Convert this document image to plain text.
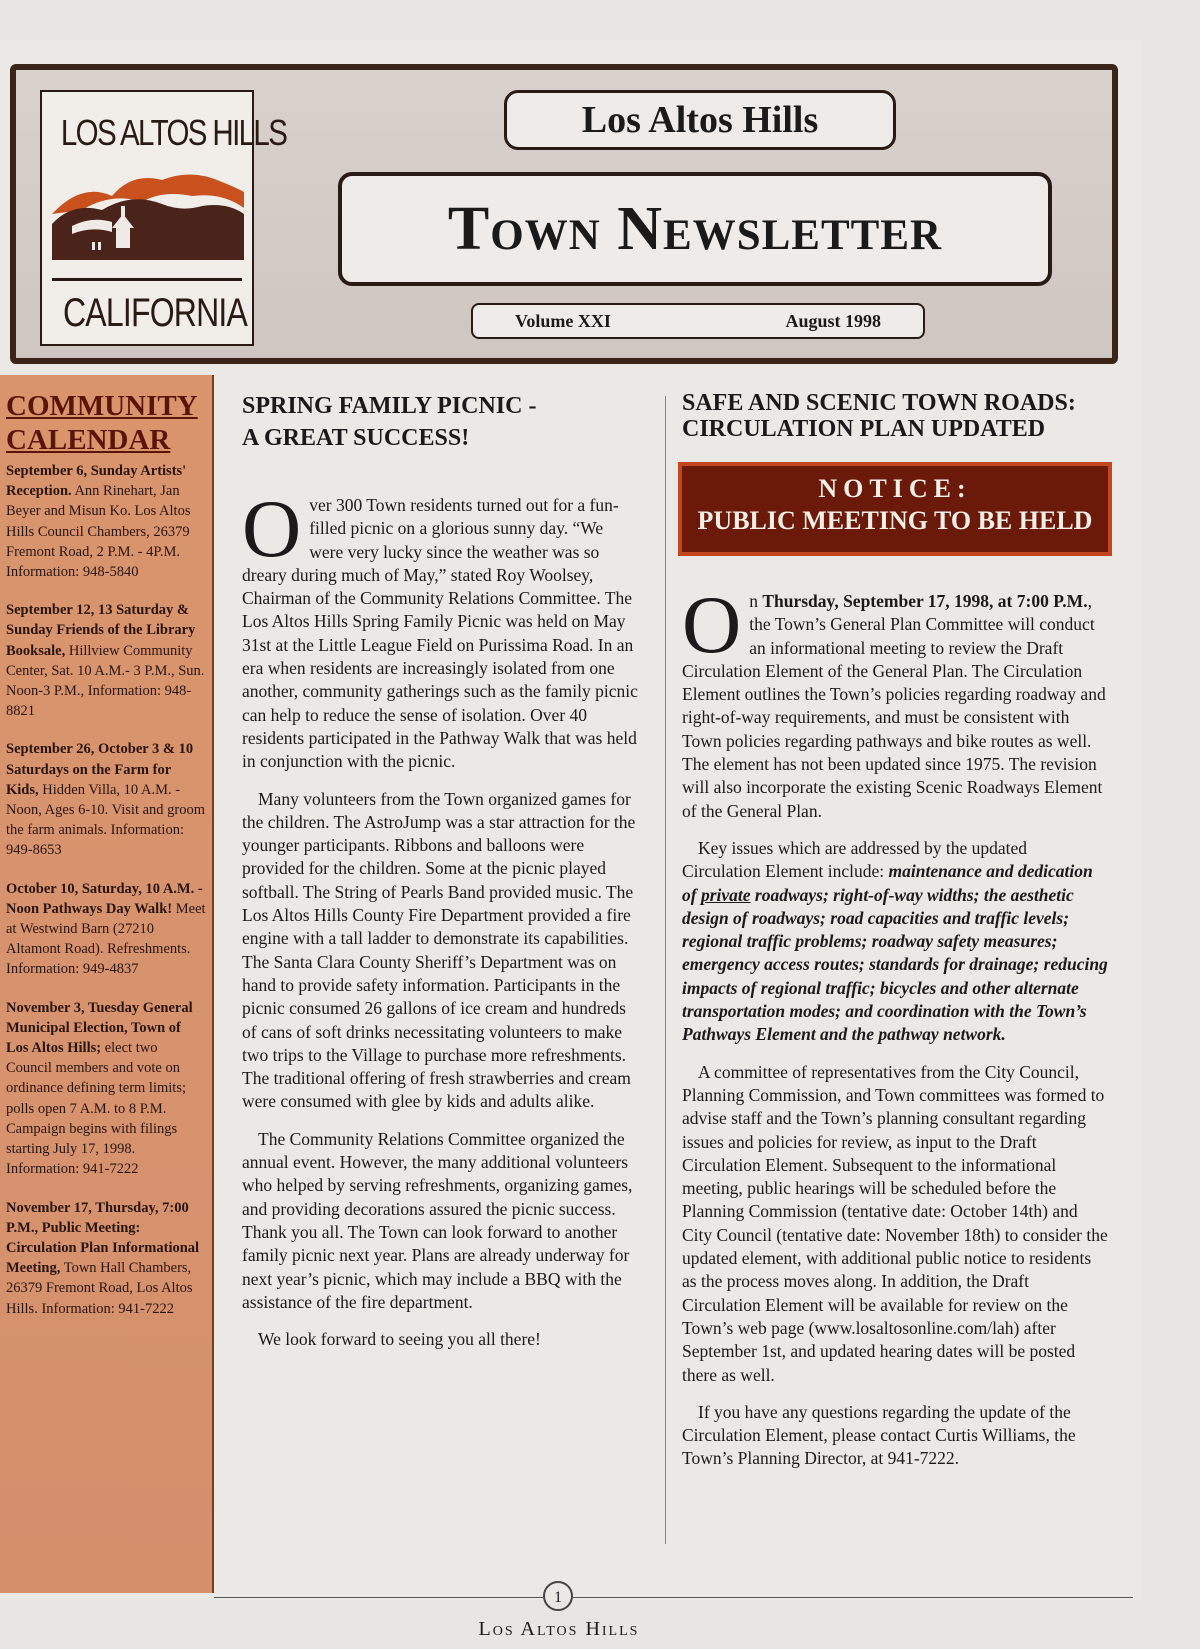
LOS ALTOS HILLS
CALIFORNIA
Los Altos Hills
Town Newsletter
Volume XXI	August 1998
COMMUNITY
CALENDAR
September 6, Sunday Artists' Reception. Ann Rinehart, Jan Beyer and Misun Ko. Los Altos Hills Council Chambers, 26379 Fremont Road, 2 P.M. - 4P.M. Information: 948-5840
September 12, 13 Saturday & Sunday Friends of the Library Booksale, Hillview Community Center, Sat. 10 A.M.- 3 P.M., Sun. Noon-3 P.M., Information: 948-8821
September 26, October 3 & 10 Saturdays on the Farm for Kids, Hidden Villa, 10 A.M. - Noon, Ages 6-10. Visit and groom the farm animals. Information: 949-8653
October 10, Saturday, 10 A.M. - Noon Pathways Day Walk! Meet at Westwind Barn (27210 Altamont Road). Refreshments. Information: 949-4837
November 3, Tuesday General Municipal Election, Town of Los Altos Hills; elect two Council members and vote on ordinance defining term limits; polls open 7 A.M. to 8 P.M. Campaign begins with filings starting July 17, 1998. Information: 941-7222
November 17, Thursday, 7:00 P.M., Public Meeting: Circulation Plan Informational Meeting, Town Hall Chambers, 26379 Fremont Road, Los Altos Hills. Information: 941-7222
SPRING FAMILY PICNIC -
A GREAT SUCCESS!

Over 300 Town residents turned out for a fun-filled picnic on a glorious sunny day. “We were very lucky since the weather was so dreary during much of May,” stated Roy Woolsey, Chairman of the Community Relations Committee. The Los Altos Hills Spring Family Picnic was held on May 31st at the Little League Field on Purissima Road. In an era when residents are increasingly isolated from one another, community gatherings such as the family picnic can help to reduce the sense of isolation. Over 40 residents participated in the Pathway Walk that was held in conjunction with the picnic.

Many volunteers from the Town organized games for the children. The AstroJump was a star attraction for the younger participants. Ribbons and balloons were provided for the children. Some at the picnic played softball. The String of Pearls Band provided music. The Los Altos Hills County Fire Department provided a fire engine with a tall ladder to demonstrate its capabilities. The Santa Clara County Sheriff’s Department was on hand to provide safety information. Participants in the picnic consumed 26 gallons of ice cream and hundreds of cans of soft drinks necessitating volunteers to make two trips to the Village to purchase more refreshments. The traditional offering of fresh strawberries and cream were consumed with glee by kids and adults alike.

The Community Relations Committee organized the annual event. However, the many additional volunteers who helped by serving refreshments, organizing games, and providing decorations assured the picnic success. Thank you all. The Town can look forward to another family picnic next year. Plans are already underway for next year’s picnic, which may include a BBQ with the assistance of the fire department.

We look forward to seeing you all there!

SAFE AND SCENIC TOWN ROADS:
CIRCULATION PLAN UPDATED
NOTICE:
PUBLIC MEETING TO BE HELD

On Thursday, September 17, 1998, at 7:00 P.M., the Town’s General Plan Committee will conduct an informational meeting to review the Draft Circulation Element of the General Plan. The Circulation Element outlines the Town’s policies regarding roadway and right-of-way requirements, and must be consistent with Town policies regarding pathways and bike routes as well. The element has not been updated since 1975. The revision will also incorporate the existing Scenic Roadways Element of the General Plan.

Key issues which are addressed by the updated Circulation Element include: maintenance and dedication of private roadways; right-of-way widths; the aesthetic design of roadways; road capacities and traffic levels; regional traffic problems; roadway safety measures; emergency access routes; standards for drainage; reducing impacts of regional traffic; bicycles and other alternate transportation modes; and coordination with the Town’s Pathways Element and the pathway network.

A committee of representatives from the City Council, Planning Commission, and Town committees was formed to advise staff and the Town’s planning consultant regarding issues and policies for review, as input to the Draft Circulation Element. Subsequent to the informational meeting, public hearings will be scheduled before the Planning Commission (tentative date: October 14th) and City Council (tentative date: November 18th) to consider the updated element, with additional public notice to residents as the process moves along. In addition, the Draft Circulation Element will be available for review on the Town’s web page (www.losaltosonline.com/lah) after September 1st, and updated hearing dates will be posted there as well.

If you have any questions regarding the update of the Circulation Element, please contact Curtis Williams, the Town’s Planning Director, at 941-7222.

1
Los Altos Hills
